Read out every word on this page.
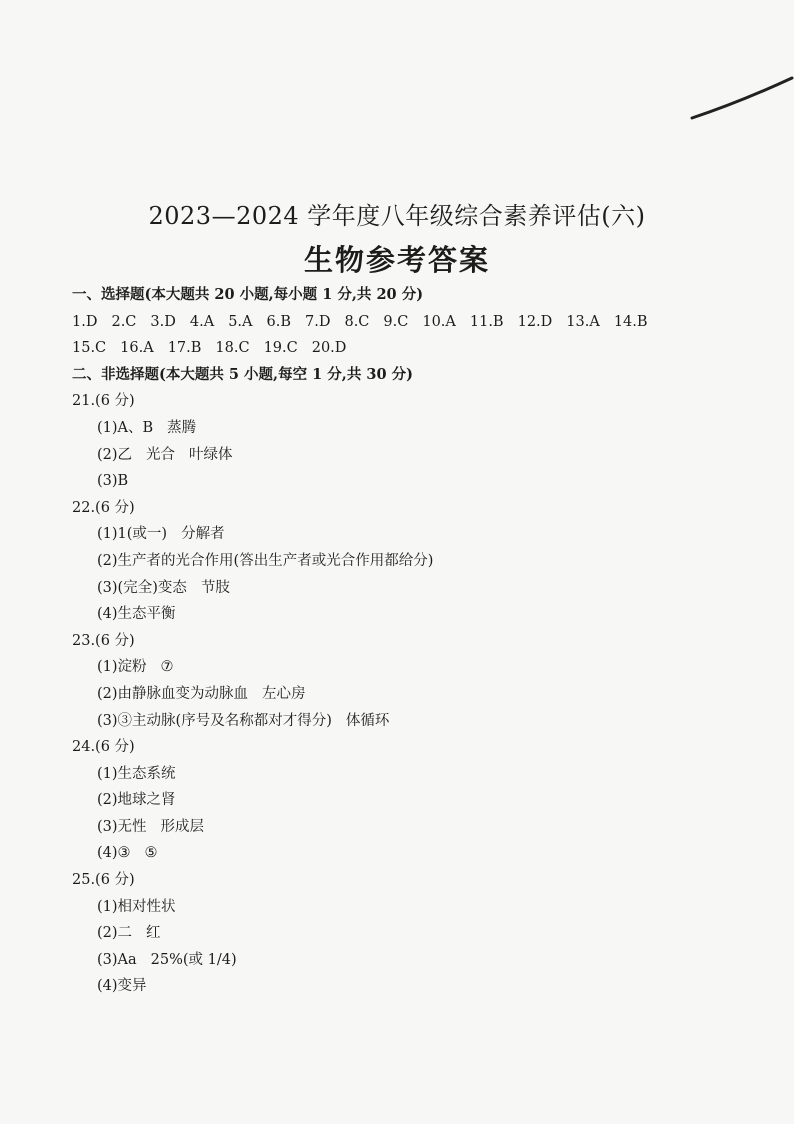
2023—2024 学年度八年级综合素养评估(六)
生物参考答案
一、选择题(本大题共 20 小题,每小题 1 分,共 20 分)
1.D 2.C 3.D 4.A 5.A 6.B 7.D 8.C 9.C 10.A 11.B 12.D 13.A 14.B
15.C 16.A 17.B 18.C 19.C 20.D
二、非选择题(本大题共 5 小题,每空 1 分,共 30 分)
21.(6 分)
(1)A、B 蒸腾
(2)乙 光合 叶绿体
(3)B
22.(6 分)
(1)1(或一) 分解者
(2)生产者的光合作用(答出生产者或光合作用都给分)
(3)(完全)变态 节肢
(4)生态平衡
23.(6 分)
(1)淀粉 ⑦
(2)由静脉血变为动脉血 左心房
(3)③主动脉(序号及名称都对才得分) 体循环
24.(6 分)
(1)生态系统
(2)地球之肾
(3)无性 形成层
(4)③ ⑤
25.(6 分)
(1)相对性状
(2)二 红
(3)Aa 25%(或 1/4)
(4)变异
